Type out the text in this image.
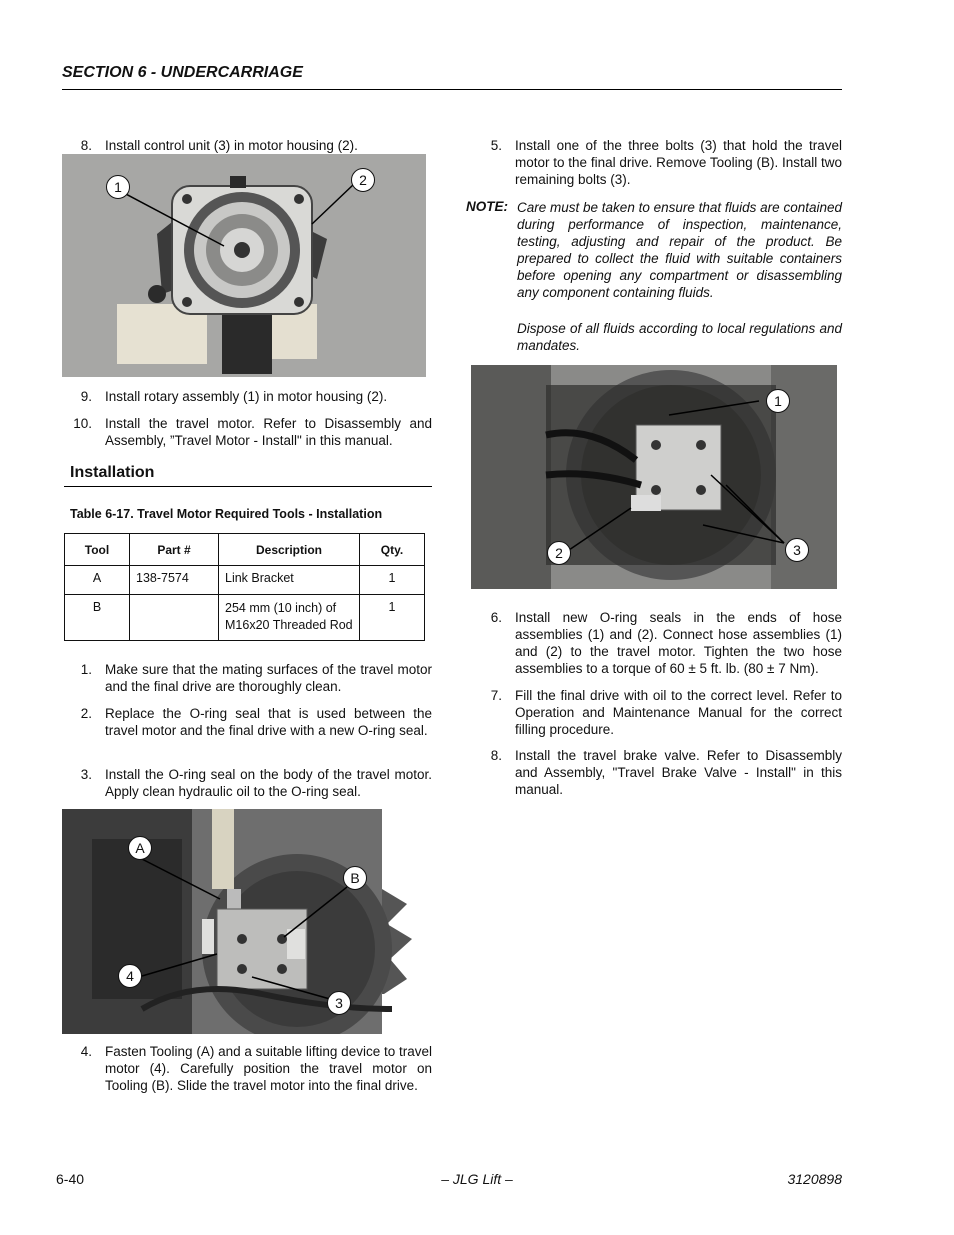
SECTION 6 - UNDERCARRIAGE
8. Install control unit (3) in motor housing (2).
1	2
9. Install rotary assembly (1) in motor housing (2).
10. Install the travel motor. Refer to Disassembly and Assembly, ”Travel Motor - Install" in this manual.
Installation
Table 6-17. Travel Motor Required Tools - Installation
Tool	Part #	Description	Qty.
A	138-7574	Link Bracket	1
B		254 mm (10 inch) of
M16x20 Threaded Rod	1
1. Make sure that the mating surfaces of the travel motor and the final drive are thoroughly clean.
2. Replace the O-ring seal that is used between the travel motor and the final drive with a new O-ring seal.
3. Install the O-ring seal on the body of the travel motor. Apply clean hydraulic oil to the O-ring seal.
A
B
4
3
4. Fasten Tooling (A) and a suitable lifting device to travel motor (4). Carefully position the travel motor on Tooling (B). Slide the travel motor into the final drive.
5. Install one of the three bolts (3) that hold the travel motor to the final drive. Remove Tooling (B). Install two remaining bolts (3).
NOTE: Care must be taken to ensure that fluids are contained during performance of inspection, maintenance, testing, adjusting and repair of the product. Be prepared to collect the fluid with suitable containers before opening any compartment or disassembling any component containing fluids.
Dispose of all fluids according to local regulations and mandates.
1
2	3
6. Install new O-ring seals in the ends of hose assemblies (1) and (2). Connect hose assemblies (1) and (2) to the travel motor. Tighten the two hose assemblies to a torque of 60 ± 5 ft. lb. (80 ± 7 Nm).
7. Fill the final drive with oil to the correct level. Refer to Operation and Maintenance Manual for the correct filling procedure.
8. Install the travel brake valve. Refer to Disassembly and Assembly, "Travel Brake Valve - Install" in this manual.
6-40	– JLG Lift –	3120898
